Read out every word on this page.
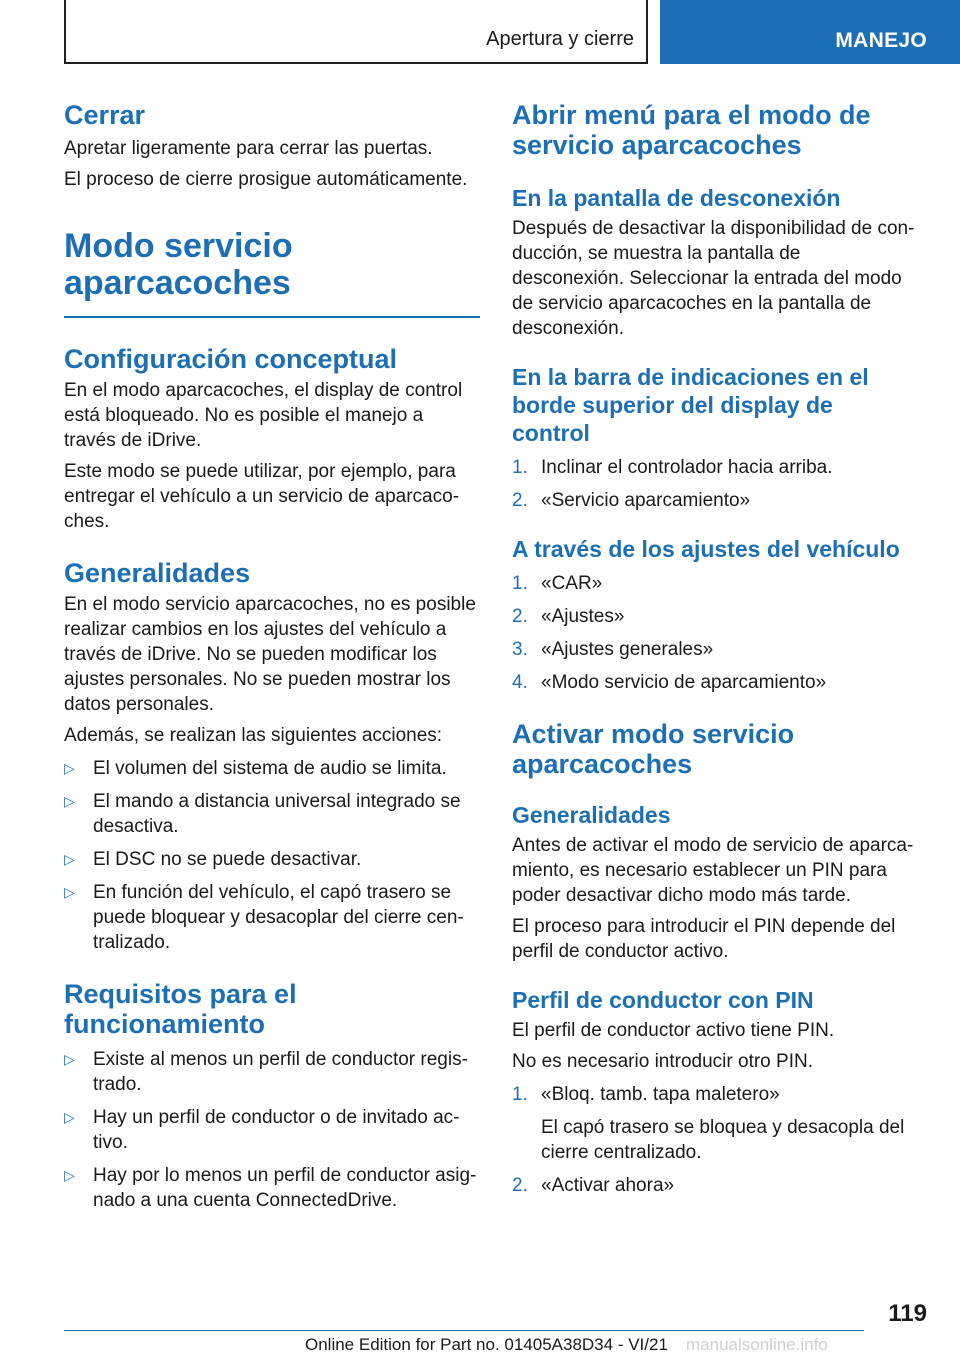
Apertura y cierre	MANEJO
Cerrar

Apretar ligeramente para cerrar las puertas.

El proceso de cierre prosigue automáticamente.

Modo servicio
aparcacoches
Configuración conceptual

En el modo aparcacoches, el display de control está bloqueado. No es posible el manejo a través de iDrive.

Este modo se puede utilizar, por ejemplo, para entregar el vehículo a un servicio de aparcacoches.

Generalidades

En el modo servicio aparcacoches, no es posible realizar cambios en los ajustes del vehículo a través de iDrive. No se pueden modificar los ajustes personales. No se pueden mostrar los datos personales.

Además, se realizan las siguientes acciones:

▷ El volumen del sistema de audio se limita.
▷ El mando a distancia universal integrado se desactiva.
▷ El DSC no se puede desactivar.
▷ En función del vehículo, el capó trasero se puede bloquear y desacoplar del cierre centralizado.
Requisitos para el
funcionamiento
▷ Existe al menos un perfil de conductor registrado.
▷ Hay un perfil de conductor o de invitado activo.
▷ Hay por lo menos un perfil de conductor asignado a una cuenta ConnectedDrive.
Abrir menú para el modo de
servicio aparcacoches
En la pantalla de desconexión

Después de desactivar la disponibilidad de conducción, se muestra la pantalla de desconexión. Seleccionar la entrada del modo de servicio aparcacoches en la pantalla de desconexión.

En la barra de indicaciones en el
borde superior del display de
control
1. Inclinar el controlador hacia arriba.
2. «Servicio aparcamiento»
A través de los ajustes del vehículo
1. «CAR»
2. «Ajustes»
3. «Ajustes generales»
4. «Modo servicio de aparcamiento»
Activar modo servicio
aparcacoches
Generalidades

Antes de activar el modo de servicio de aparcamiento, es necesario establecer un PIN para poder desactivar dicho modo más tarde.

El proceso para introducir el PIN depende del perfil de conductor activo.

Perfil de conductor con PIN

El perfil de conductor activo tiene PIN.

No es necesario introducir otro PIN.

1. «Bloq. tamb. tapa maletero»
El capó trasero se bloquea y desacopla del cierre centralizado.
2. «Activar ahora»
119
Online Edition for Part no. 01405A38D34 - VI/21 manualsonline.info
